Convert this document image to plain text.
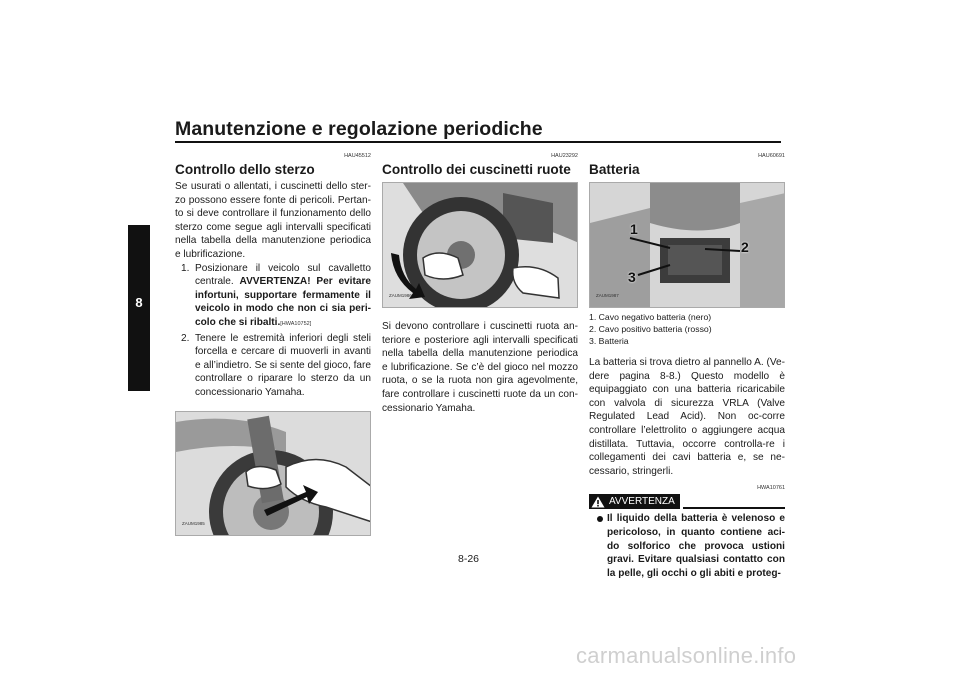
Manutenzione e regolazione periodiche
8
HAU45512
Controllo dello sterzo

Se usurati o allentati, i cuscinetti dello ster-zo possono essere fonte di pericoli. Pertan-to si deve controllare il funzionamento dello sterzo come segue agli intervalli specificati nella tabella della manutenzione periodica e lubrificazione.

1. Posizionare il veicolo sul cavalletto centrale. AVVERTENZA! Per evitare infortuni, supportare fermamente il veicolo in modo che non ci sia peri-colo che si ribalti.[HWA10752]
2. Tenere le estremità inferiori degli steli forcella e cercare di muoverli in avanti e all’indietro. Se si sente del gioco, fare controllare o riparare lo sterzo da un concessionario Yamaha.
ZAUM1985
HAU23292
Controllo dei cuscinetti ruote
ZAUM1986

Si devono controllare i cuscinetti ruota an-teriore e posteriore agli intervalli specificati nella tabella della manutenzione periodica e lubrificazione. Se c’è del gioco nel mozzo ruota, o se la ruota non gira agevolmente, fare controllare i cuscinetti ruote da un con-cessionario Yamaha.

HAU60691
Batteria
1
2
3
ZAUM1987
1. Cavo negativo batteria (nero)
2. Cavo positivo batteria (rosso)
3. Batteria

La batteria si trova dietro al pannello A. (Ve-dere pagina 8-8.) Questo modello è equipaggiato con una batteria ricaricabile con valvola di sicurezza VRLA (Valve Regulated Lead Acid). Non oc-corre controllare l’elettrolito o aggiungere acqua distillata. Tuttavia, occorre controlla-re i collegamenti dei cavi batteria e, se ne-cessario, stringerli.

HWA10761
AVVERTENZA
Il liquido della batteria è velenoso e pericoloso, in quanto contiene aci-do solforico che provoca ustioni gravi. Evitare qualsiasi contatto con la pelle, gli occhi o gli abiti e proteg-
8-26
carmanualsonline.info
